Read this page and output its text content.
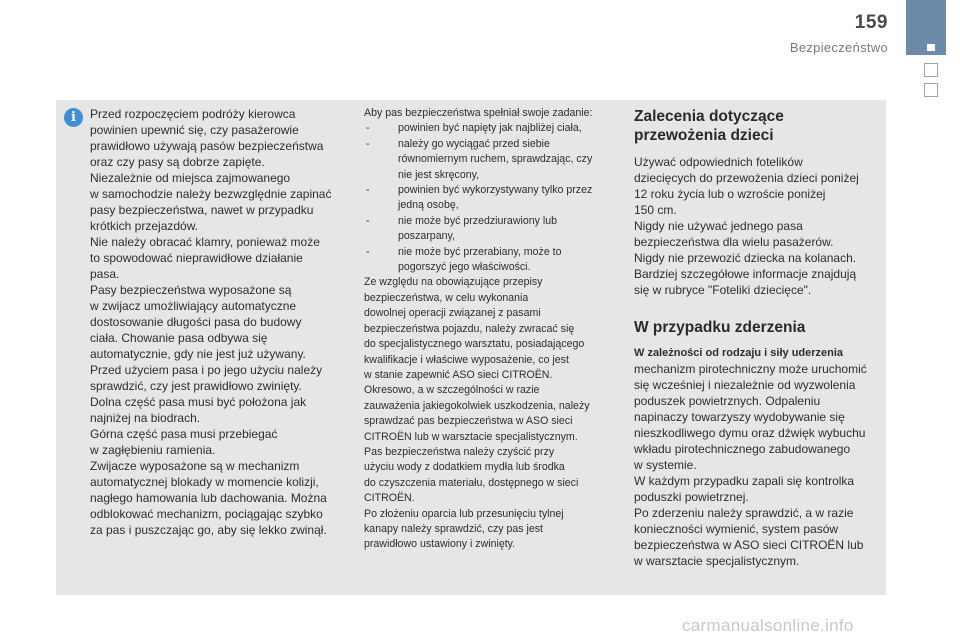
159
Bezpieczeństwo
i	Przed rozpoczęciem podróży kierowca
powinien upewnić się, czy pasażerowie
prawidłowo używają pasów bezpieczeństwa
oraz czy pasy są dobrze zapięte.
Niezależnie od miejsca zajmowanego
w samochodzie należy bezwzględnie zapinać
pasy bezpieczeństwa, nawet w przypadku
krótkich przejazdów.
Nie należy obracać klamry, ponieważ może
to spowodować nieprawidłowe działanie
pasa.
Pasy bezpieczeństwa wyposażone są
w zwijacz umożliwiający automatyczne
dostosowanie długości pasa do budowy
ciała. Chowanie pasa odbywa się
automatycznie, gdy nie jest już używany.
Przed użyciem pasa i po jego użyciu należy
sprawdzić, czy jest prawidłowo zwinięty.
Dolna część pasa musi być położona jak
najniżej na biodrach.
Górna część pasa musi przebiegać
w zagłębieniu ramienia.
Zwijacze wyposażone są w mechanizm
automatycznej blokady w momencie kolizji,
nagłego hamowania lub dachowania. Można
odblokować mechanizm, pociągając szybko
za pas i puszczając go, aby się lekko zwinął.
Aby pas bezpieczeństwa spełniał swoje zadanie:
- powinien być napięty jak najbliżej ciała,
- należy go wyciągać przed siebie
równomiernym ruchem, sprawdzając, czy
nie jest skręcony,
- powinien być wykorzystywany tylko przez
jedną osobę,
- nie może być przedziurawiony lub
poszarpany,
- nie może być przerabiany, może to
pogorszyć jego właściwości.
Ze względu na obowiązujące przepisy
bezpieczeństwa, w celu wykonania
dowolnej operacji związanej z pasami
bezpieczeństwa pojazdu, należy zwracać się
do specjalistycznego warsztatu, posiadającego
kwalifikacje i właściwe wyposażenie, co jest
w stanie zapewnić ASO sieci CITROËN.
Okresowo, a w szczególności w razie
zauważenia jakiegokolwiek uszkodzenia, należy
sprawdzać pas bezpieczeństwa w ASO sieci
CITROËN lub w warsztacie specjalistycznym.
Pas bezpieczeństwa należy czyścić przy
użyciu wody z dodatkiem mydła lub środka
do czyszczenia materiału, dostępnego w sieci
CITROËN.
Po złożeniu oparcia lub przesunięciu tylnej
kanapy należy sprawdzić, czy pas jest
prawidłowo ustawiony i zwinięty.
Zalecenia dotyczące
przewożenia dzieci
Używać odpowiednich fotelików
dziecięcych do przewożenia dzieci poniżej
12 roku życia lub o wzroście poniżej
150 cm.
Nigdy nie używać jednego pasa
bezpieczeństwa dla wielu pasażerów.
Nigdy nie przewozić dziecka na kolanach.
Bardziej szczegółowe informacje znajdują
się w rubryce "Foteliki dziecięce".
W przypadku zderzenia
W zależności od rodzaju i siły uderzenia
mechanizm pirotechniczny może uruchomić
się wcześniej i niezależnie od wyzwolenia
poduszek powietrznych. Odpaleniu
napinaczy towarzyszy wydobywanie się
nieszkodliwego dymu oraz dźwięk wybuchu
wkładu pirotechnicznego zabudowanego
w systemie.
W każdym przypadku zapali się kontrolka
poduszki powietrznej.
Po zderzeniu należy sprawdzić, a w razie
konieczności wymienić, system pasów
bezpieczeństwa w ASO sieci CITROËN lub
w warsztacie specjalistycznym.
carmanualsonline.info
